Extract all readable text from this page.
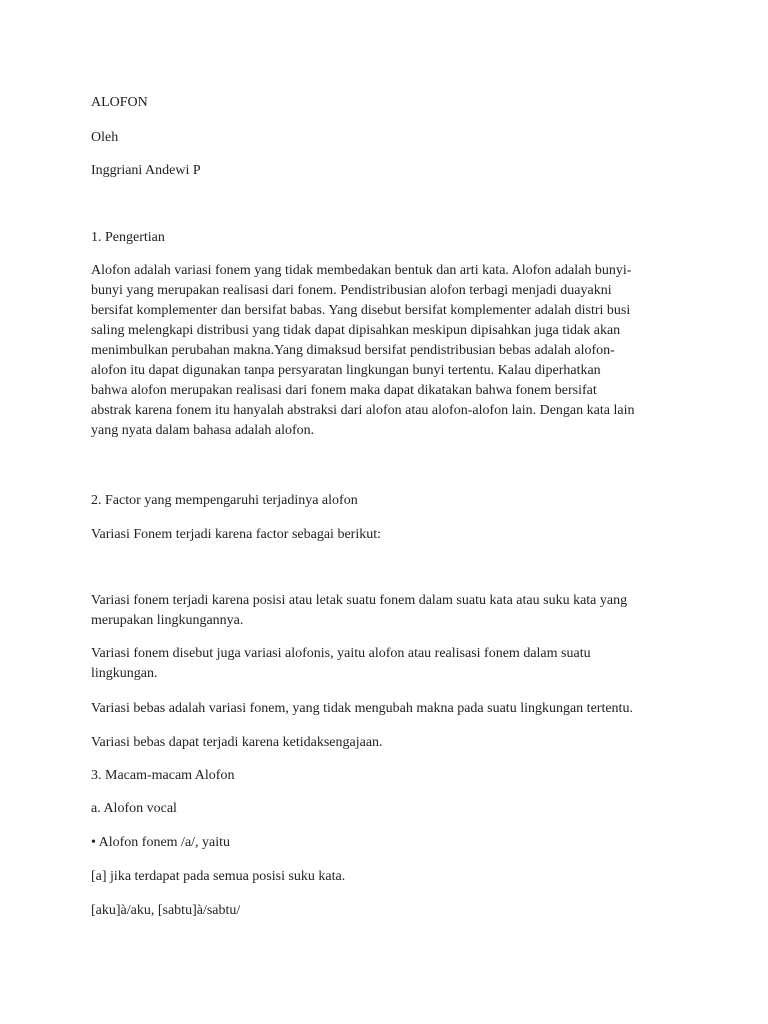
ALOFON

Oleh

Inggriani Andewi P

1. Pengertian

Alofon adalah variasi fonem yang tidak membedakan bentuk dan arti kata. Alofon adalah bunyi-
bunyi yang merupakan realisasi dari fonem. Pendistribusian alofon terbagi menjadi duayakni
bersifat komplementer dan bersifat babas. Yang disebut bersifat komplementer adalah distri busi
saling melengkapi distribusi yang tidak dapat dipisahkan meskipun dipisahkan juga tidak akan
menimbulkan perubahan makna.Yang dimaksud bersifat pendistribusian bebas adalah alofon-
alofon itu dapat digunakan tanpa persyaratan lingkungan bunyi tertentu. Kalau diperhatkan
bahwa alofon merupakan realisasi dari fonem maka dapat dikatakan bahwa fonem bersifat
abstrak karena fonem itu hanyalah abstraksi dari alofon atau alofon-alofon lain. Dengan kata lain
yang nyata dalam bahasa adalah alofon.

2. Factor yang mempengaruhi terjadinya alofon

Variasi Fonem terjadi karena factor sebagai berikut:

Variasi fonem terjadi karena posisi atau letak suatu fonem dalam suatu kata atau suku kata yang
merupakan lingkungannya.
Variasi fonem disebut juga variasi alofonis, yaitu alofon atau realisasi fonem dalam suatu
lingkungan.

Variasi bebas adalah variasi fonem, yang tidak mengubah makna pada suatu lingkungan tertentu.

Variasi bebas dapat terjadi karena ketidaksengajaan.

3. Macam-macam Alofon

a. Alofon vocal

• Alofon fonem /a/, yaitu

[a] jika terdapat pada semua posisi suku kata.

[aku]à/aku, [sabtu]à/sabtu/
